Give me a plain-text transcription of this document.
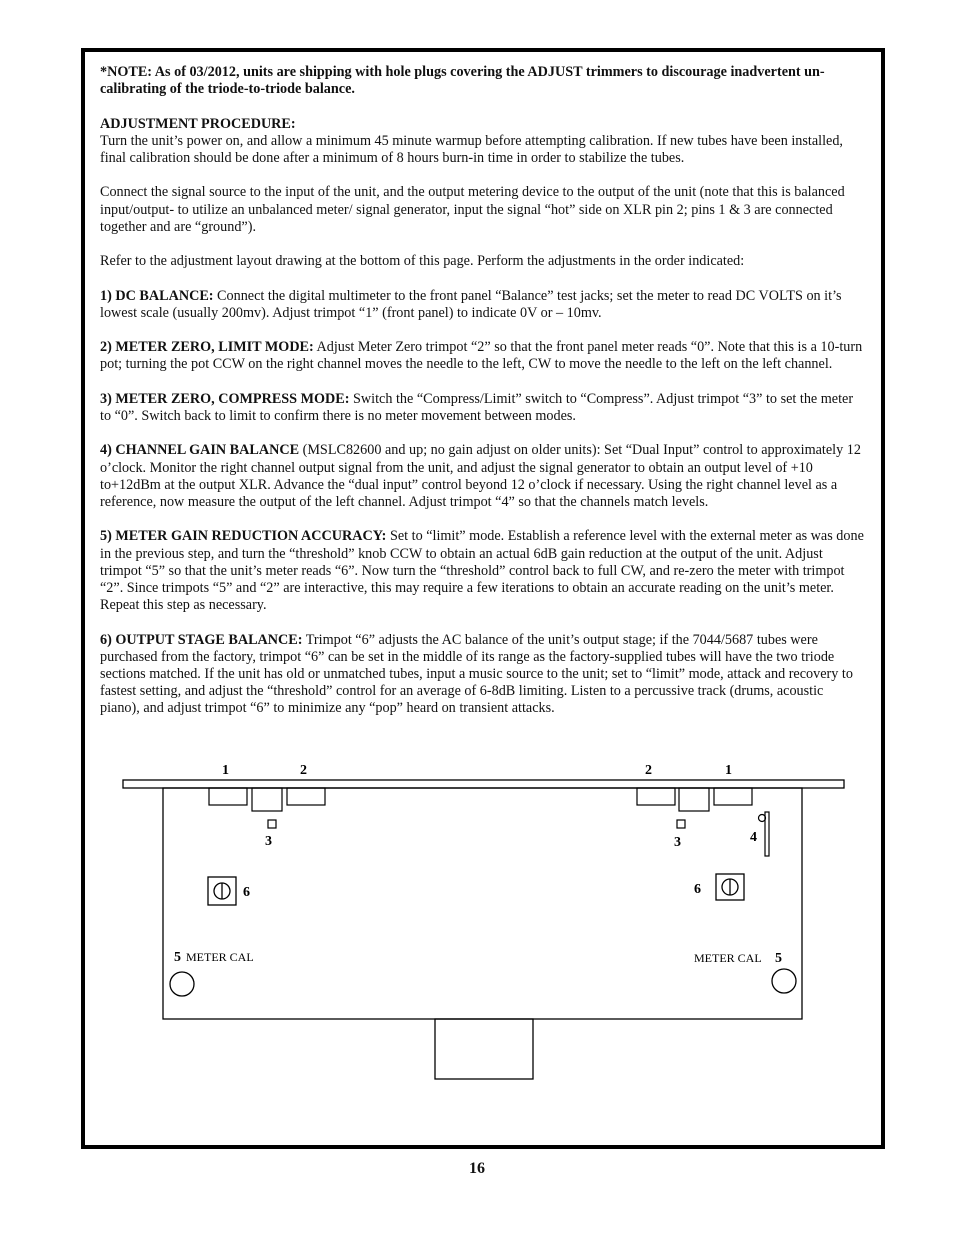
*NOTE: As of 03/2012, units are shipping with hole plugs covering the ADJUST trimmers to discourage inadvertent un-calibrating of the triode-to-triode balance.

ADJUSTMENT PROCEDURE:
Turn the unit’s power on, and allow a minimum 45 minute warmup before attempting calibration. If new tubes have been installed, final calibration should be done after a minimum of 8 hours burn-in time in order to stabilize the tubes.

Connect the signal source to the input of the unit, and the output metering device to the output of the unit (note that this is balanced input/output- to utilize an unbalanced meter/ signal generator, input the signal “hot” side on XLR pin 2; pins 1 & 3 are connected together and are “ground”).

Refer to the adjustment layout drawing at the bottom of this page. Perform the adjustments in the order indicated:

1) DC BALANCE: Connect the digital multimeter to the front panel “Balance” test jacks; set the meter to read DC VOLTS on it’s lowest scale (usually 200mv). Adjust trimpot “1” (front panel) to indicate 0V or – 10mv.

2) METER ZERO, LIMIT MODE: Adjust Meter Zero trimpot “2” so that the front panel meter reads “0”. Note that this is a 10-turn pot; turning the pot CCW on the right channel moves the needle to the left, CW to move the needle to the left on the left channel.

3) METER ZERO, COMPRESS MODE: Switch the “Compress/Limit” switch to “Compress”. Adjust trimpot “3” to set the meter to “0”. Switch back to limit to confirm there is no meter movement between modes.

4) CHANNEL GAIN BALANCE (MSLC82600 and up; no gain adjust on older units): Set “Dual Input” control to approximately 12 o’clock. Monitor the right channel output signal from the unit, and adjust the signal generator to obtain an output level of +10 to+12dBm at the output XLR. Advance the “dual input” control beyond 12 o’clock if necessary. Using the right channel level as a reference, now measure the output of the left channel. Adjust trimpot “4” so that the channels match levels.

5) METER GAIN REDUCTION ACCURACY: Set to “limit” mode. Establish a reference level with the external meter as was done in the previous step, and turn the “threshold” knob CCW to obtain an actual 6dB gain reduction at the output of the unit. Adjust trimpot “5” so that the unit’s meter reads “6”. Now turn the “threshold” control back to full CW, and re-zero the meter with trimpot “2”. Since trimpots “5” and “2” are interactive, this may require a few iterations to obtain an accurate reading on the unit’s meter. Repeat this step as necessary.

6) OUTPUT STAGE BALANCE: Trimpot “6” adjusts the AC balance of the unit’s output stage; if the 7044/5687 tubes were purchased from the factory, trimpot “6” can be set in the middle of its range as the factory-supplied tubes will have the two triode sections matched. If the unit has old or unmatched tubes, input a music source to the unit; set to “limit” mode, attack and recovery to fastest setting, and adjust the “threshold” control for an average of 6-8dB limiting. Listen to a percussive track (drums, acoustic piano), and adjust trimpot “6” to minimize any “pop” heard on transient attacks.

1	2	2	1
3	3	4
6	6
5 METER CAL	METER CAL 5
16
